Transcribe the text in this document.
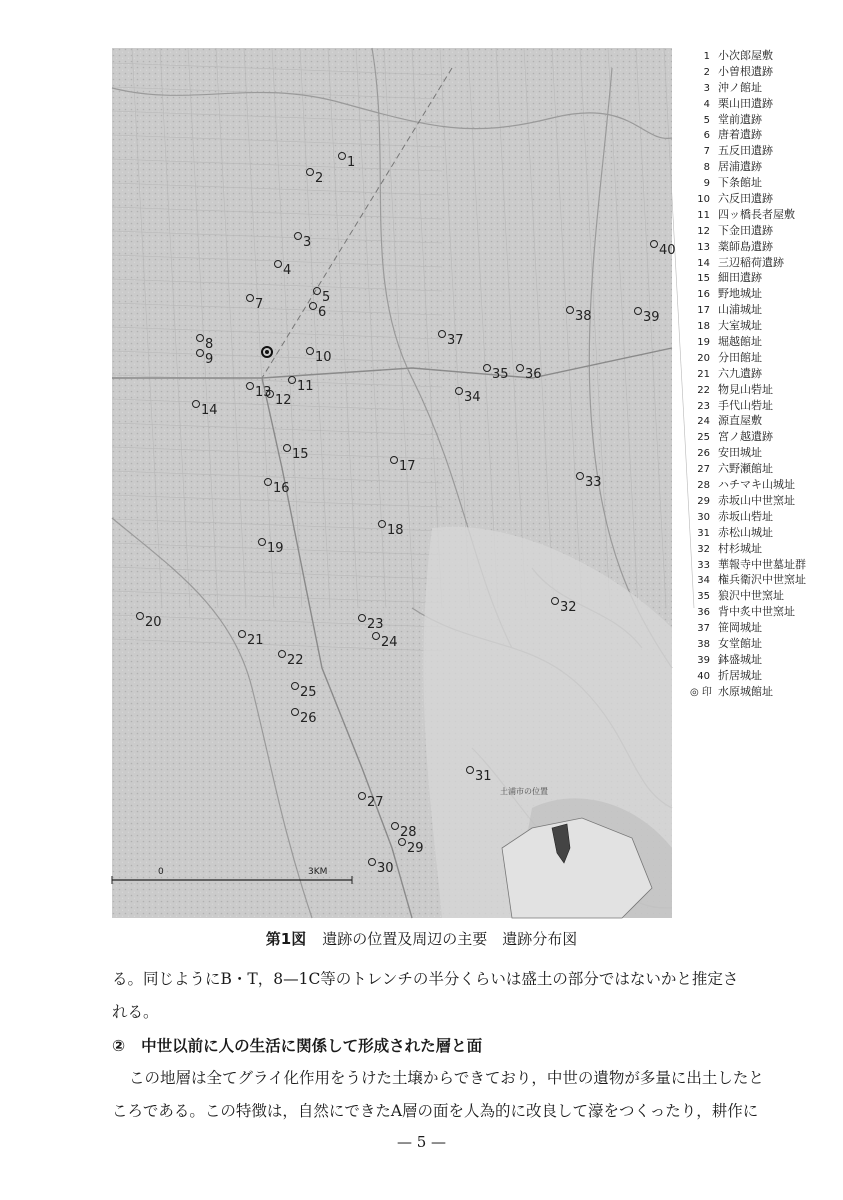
土浦市の位置
0	3KM
1
2
3
4
5
6
7
8
9	10
11
12
13
14
15
16
17
18
19
20
21
22
23
24
25
26
27
28
29
30
31
32
33
34
35 36
37
38	39
40
1 小次郎屋敷
2 小曽根遺跡
3 沖ノ館址
4 栗山田遺跡
5 堂前遺跡
6 唐着遺跡
7 五反田遺跡
8 居浦遺跡
9 下条館址
10 六反田遺跡
11 四ッ橋長者屋敷
12 下金田遺跡
13 薬師島遺跡
14 三辺稲荷遺跡
15 細田遺跡
16 野地城址
17 山浦城址
18 大室城址
19 堀越館址
20 分田館址
21 六九遺跡
22 物見山砦址
23 手代山砦址
24 源直屋敷
25 宮ノ越遺跡
26 安田城址
27 六野瀬館址
28 ハチマキ山城址
29 赤坂山中世窯址
30 赤坂山砦址
31 赤松山城址
32 村杉城址
33 華報寺中世墓址群
34 権兵衛沢中世窯址
35 狼沢中世窯址
36 背中炙中世窯址
37 笹岡城址
38 女堂館址
39 鉢盛城址
40 折居城址
◎ 印 水原城館址
第1図 遺跡の位置及周辺の主要　遺跡分布図

る。同じようにB・T，8—1C等のトレンチの半分くらいは盛土の部分ではないかと推定さ
れる。

② 中世以前に人の生活に関係して形成された層と面

この地層は全てグライ化作用をうけた土壌からできており，中世の遺物が多量に出土したと
ころである。この特徴は，自然にできたA層の面を人為的に改良して濠をつくったり，耕作に

— 5 —
